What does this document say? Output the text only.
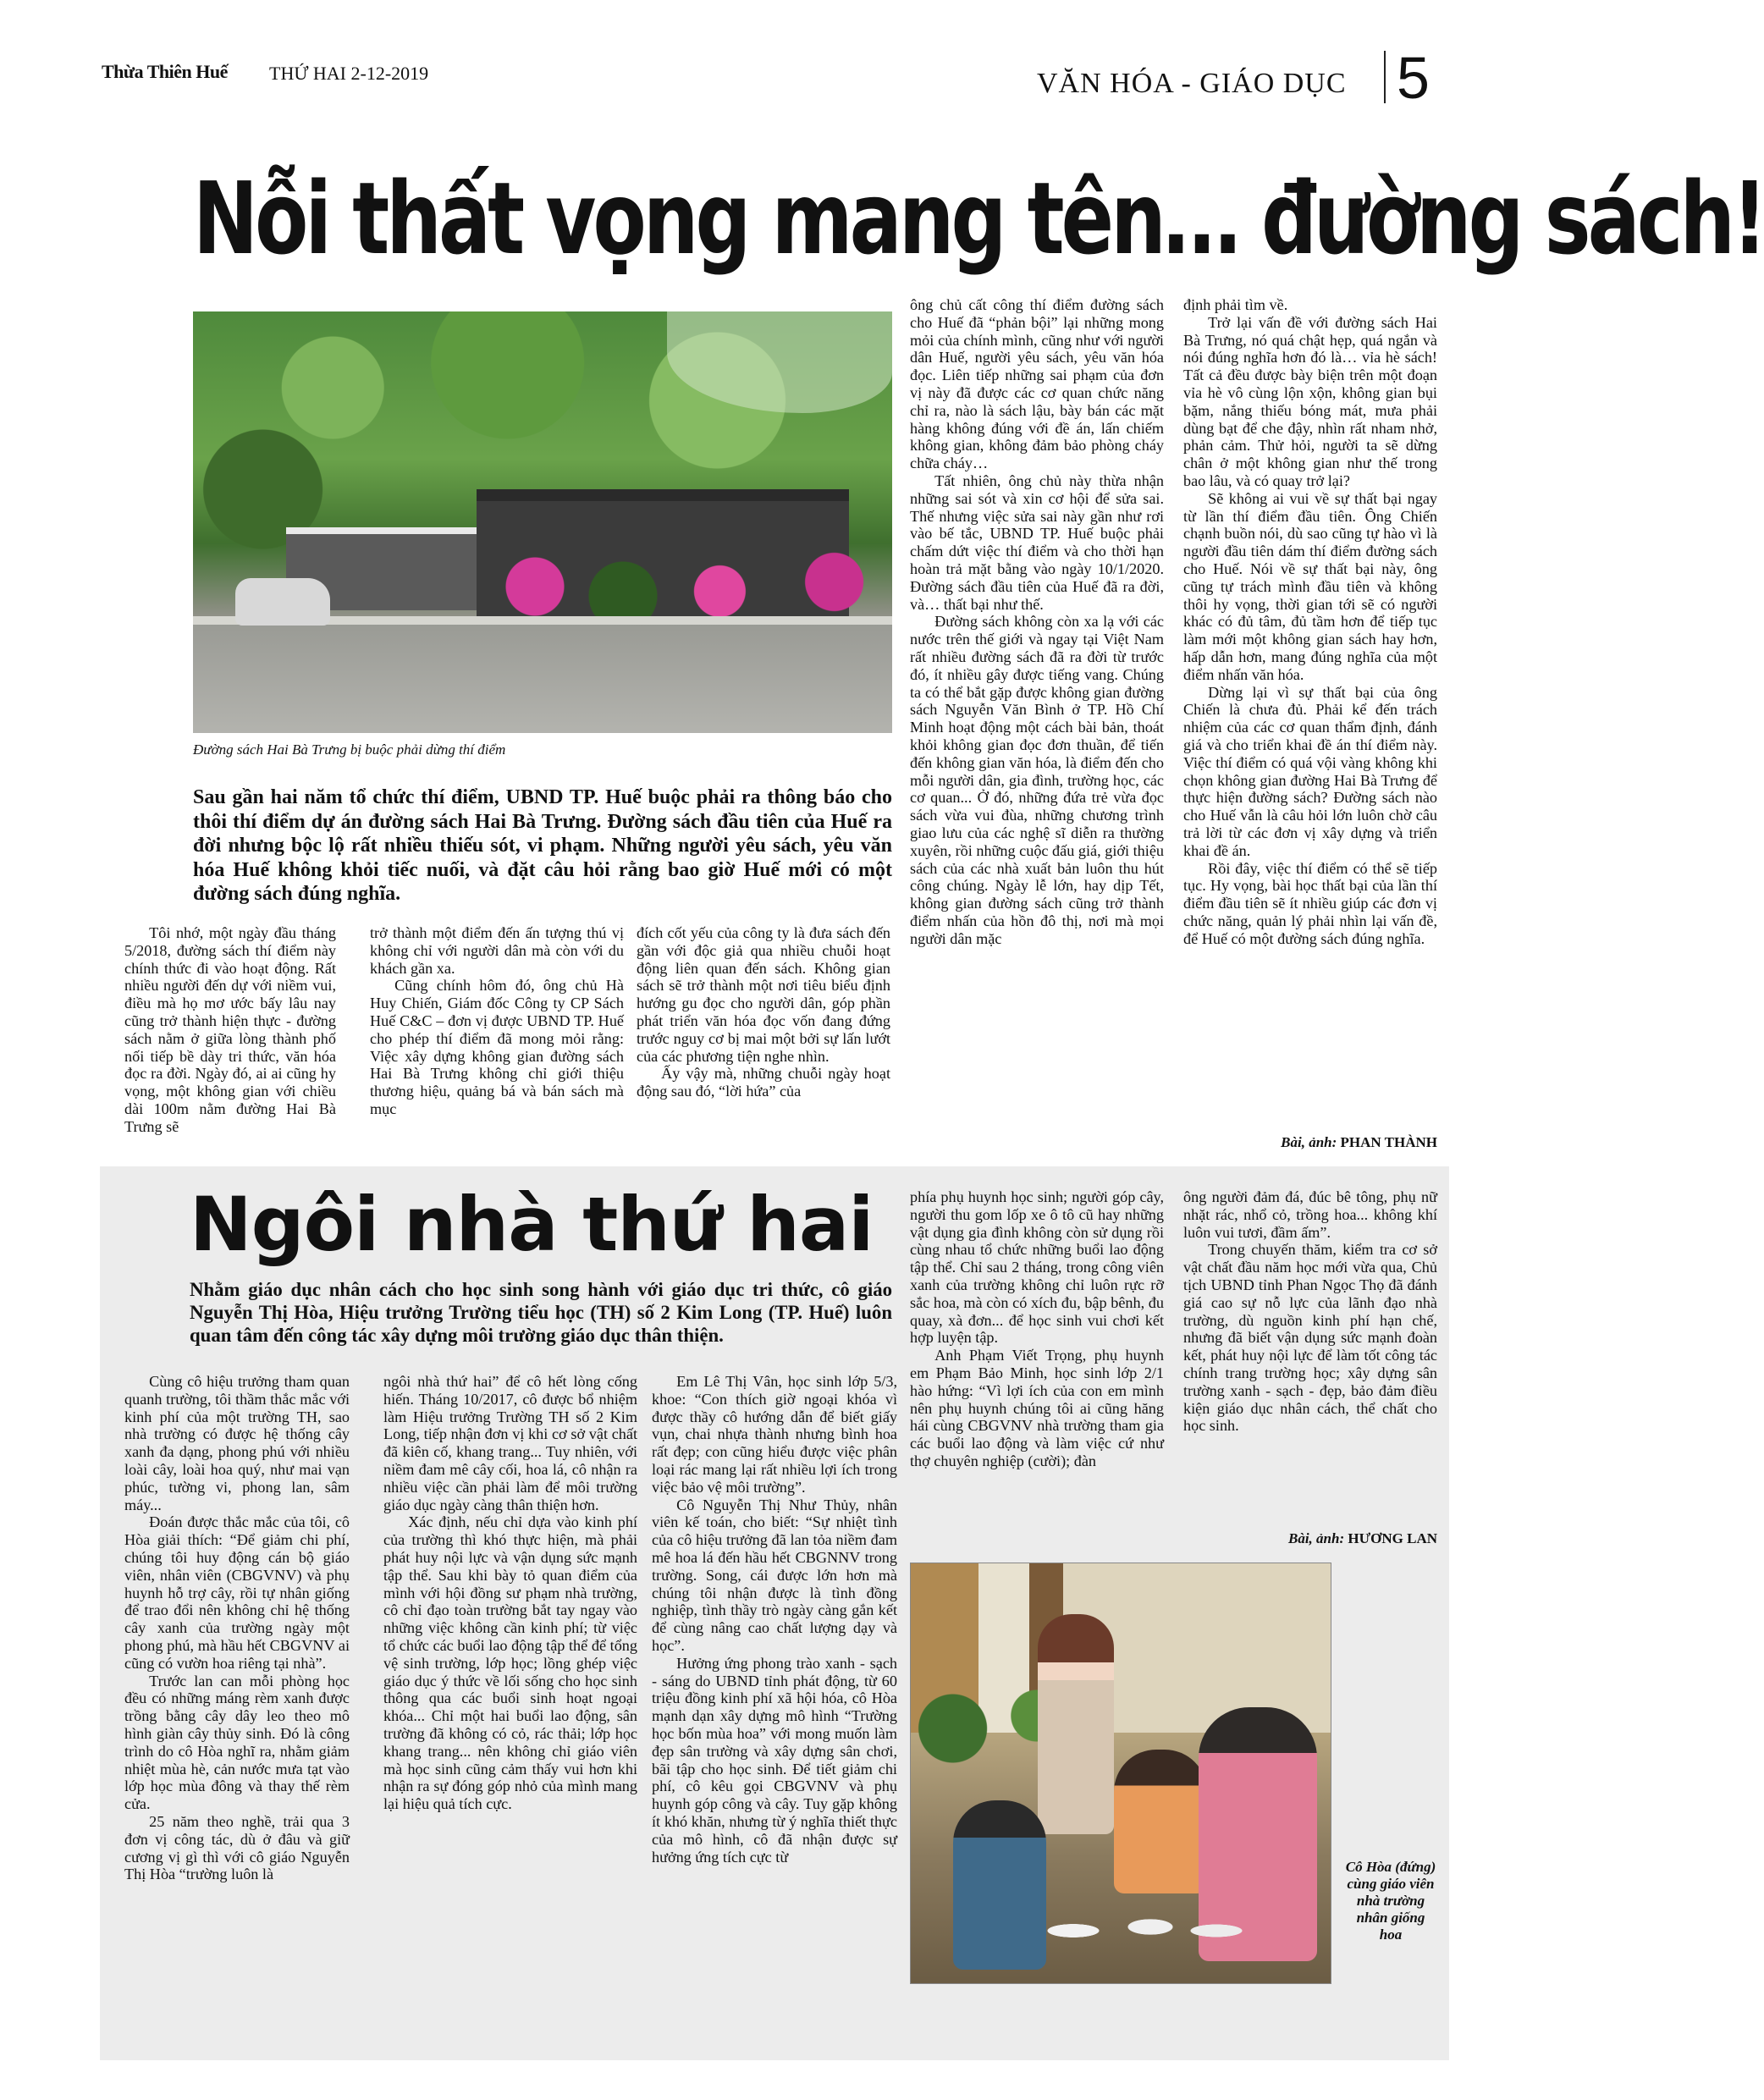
Thừa Thiên Huế THỨ HAI 2-12-2019	VĂN HÓA - GIÁO DỤC 5
Nỗi thất vọng mang tên… đường sách!
Đường sách Hai Bà Trưng bị buộc phải dừng thí điểm
Sau gần hai năm tổ chức thí điểm, UBND TP. Huế buộc phải ra thông báo cho thôi thí điểm dự án đường sách Hai Bà Trưng. Đường sách đầu tiên của Huế ra đời nhưng bộc lộ rất nhiều thiếu sót, vi phạm. Những người yêu sách, yêu văn hóa Huế không khỏi tiếc nuối, và đặt câu hỏi rằng bao giờ Huế mới có một đường sách đúng nghĩa.

Tôi nhớ, một ngày đầu tháng 5/2018, đường sách thí điểm này chính thức đi vào hoạt động. Rất nhiều người đến dự với niềm vui, điều mà họ mơ ước bấy lâu nay cũng trở thành hiện thực - đường sách nằm ở giữa lòng thành phố nối tiếp bề dày tri thức, văn hóa đọc ra đời. Ngày đó, ai ai cũng hy vọng, một không gian với chiều dài 100m nằm đường Hai Bà Trưng sẽ

trở thành một điểm đến ấn tượng thú vị không chỉ với người dân mà còn với du khách gần xa.

Cũng chính hôm đó, ông chủ Hà Huy Chiến, Giám đốc Công ty CP Sách Huế C&C – đơn vị được UBND TP. Huế cho phép thí điểm đã mong mỏi rằng: Việc xây dựng không gian đường sách Hai Bà Trưng không chỉ giới thiệu thương hiệu, quảng bá và bán sách mà mục

đích cốt yếu của công ty là đưa sách đến gần với độc giả qua nhiều chuỗi hoạt động liên quan đến sách. Không gian sách sẽ trở thành một nơi tiêu biểu định hướng gu đọc cho người dân, góp phần phát triển văn hóa đọc vốn đang đứng trước nguy cơ bị mai một bởi sự lấn lướt của các phương tiện nghe nhìn.

Ấy vậy mà, những chuỗi ngày hoạt động sau đó, “lời hứa” của

ông chủ cất công thí điểm đường sách cho Huế đã “phản bội” lại những mong mỏi của chính mình, cũng như với người dân Huế, người yêu sách, yêu văn hóa đọc. Liên tiếp những sai phạm của đơn vị này đã được các cơ quan chức năng chỉ ra, nào là sách lậu, bày bán các mặt hàng không đúng với đề án, lấn chiếm không gian, không đảm bảo phòng cháy chữa cháy…

Tất nhiên, ông chủ này thừa nhận những sai sót và xin cơ hội để sửa sai. Thế nhưng việc sửa sai này gần như rơi vào bế tắc, UBND TP. Huế buộc phải chấm dứt việc thí điểm và cho thời hạn hoàn trả mặt bằng vào ngày 10/1/2020. Đường sách đầu tiên của Huế đã ra đời, và… thất bại như thế.

Đường sách không còn xa lạ với các nước trên thế giới và ngay tại Việt Nam rất nhiều đường sách đã ra đời từ trước đó, ít nhiều gây được tiếng vang. Chúng ta có thể bắt gặp được không gian đường sách Nguyễn Văn Bình ở TP. Hồ Chí Minh hoạt động một cách bài bản, thoát khỏi không gian đọc đơn thuần, để tiến đến không gian văn hóa, là điểm đến cho mỗi người dân, gia đình, trường học, các cơ quan... Ở đó, những đứa trẻ vừa đọc sách vừa vui đùa, những chương trình giao lưu của các nghệ sĩ diễn ra thường xuyên, rồi những cuộc đấu giá, giới thiệu sách của các nhà xuất bản luôn thu hút công chúng. Ngày lễ lớn, hay dịp Tết, không gian đường sách cũng trở thành điểm nhấn của hồn đô thị, nơi mà mọi người dân mặc

định phải tìm về.

Trở lại vấn đề với đường sách Hai Bà Trưng, nó quá chật hẹp, quá ngắn và nói đúng nghĩa hơn đó là… vỉa hè sách! Tất cả đều được bày biện trên một đoạn vỉa hè vô cùng lộn xộn, không gian bụi bặm, nắng thiếu bóng mát, mưa phải dùng bạt để che đậy, nhìn rất nham nhở, phản cảm. Thử hỏi, người ta sẽ dừng chân ở một không gian như thế trong bao lâu, và có quay trở lại?

Sẽ không ai vui về sự thất bại ngay từ lần thí điểm đầu tiên. Ông Chiến chạnh buồn nói, dù sao cũng tự hào vì là người đầu tiên dám thí điểm đường sách cho Huế. Nói về sự thất bại này, ông cũng tự trách mình đầu tiên và không thôi hy vọng, thời gian tới sẽ có người khác có đủ tâm, đủ tầm hơn để tiếp tục làm mới một không gian sách hay hơn, hấp dẫn hơn, mang đúng nghĩa của một điểm nhấn văn hóa.

Dừng lại vì sự thất bại của ông Chiến là chưa đủ. Phải kể đến trách nhiệm của các cơ quan thẩm định, đánh giá và cho triển khai đề án thí điểm này. Việc thí điểm có quá vội vàng không khi chọn không gian đường Hai Bà Trưng để thực hiện đường sách? Đường sách nào cho Huế vẫn là câu hỏi lớn luôn chờ câu trả lời từ các đơn vị xây dựng và triển khai đề án.

Rồi đây, việc thí điểm có thể sẽ tiếp tục. Hy vọng, bài học thất bại của lần thí điểm đầu tiên sẽ ít nhiều giúp các đơn vị chức năng, quản lý phải nhìn lại vấn đề, để Huế có một đường sách đúng nghĩa.

Bài, ảnh: PHAN THÀNH
Ngôi nhà thứ hai
Nhằm giáo dục nhân cách cho học sinh song hành với giáo dục tri thức, cô giáo Nguyễn Thị Hòa, Hiệu trưởng Trường tiểu học (TH) số 2 Kim Long (TP. Huế) luôn quan tâm đến công tác xây dựng môi trường giáo dục thân thiện.

Cùng cô hiệu trưởng tham quan quanh trường, tôi thầm thắc mắc với kinh phí của một trường TH, sao nhà trường có được hệ thống cây xanh đa dạng, phong phú với nhiều loài cây, loài hoa quý, như mai vạn phúc, tường vi, phong lan, sâm máy...

Đoán được thắc mắc của tôi, cô Hòa giải thích: “Để giảm chi phí, chúng tôi huy động cán bộ giáo viên, nhân viên (CBGVNV) và phụ huynh hỗ trợ cây, rồi tự nhân giống để trao đổi nên không chỉ hệ thống cây xanh của trường ngày một phong phú, mà hầu hết CBGVNV ai cũng có vườn hoa riêng tại nhà”.

Trước lan can mỗi phòng học đều có những máng rèm xanh được trồng bằng cây dây leo theo mô hình giàn cây thủy sinh. Đó là công trình do cô Hòa nghĩ ra, nhằm giảm nhiệt mùa hè, cản nước mưa tạt vào lớp học mùa đông và thay thế rèm cửa.

25 năm theo nghề, trải qua 3 đơn vị công tác, dù ở đâu và giữ cương vị gì thì với cô giáo Nguyễn Thị Hòa “trường luôn là

ngôi nhà thứ hai” để cô hết lòng cống hiến. Tháng 10/2017, cô được bổ nhiệm làm Hiệu trưởng Trường TH số 2 Kim Long, tiếp nhận đơn vị khi cơ sở vật chất đã kiên cố, khang trang... Tuy nhiên, với niềm đam mê cây cối, hoa lá, cô nhận ra nhiều việc cần phải làm để môi trường giáo dục ngày càng thân thiện hơn.

Xác định, nếu chỉ dựa vào kinh phí của trường thì khó thực hiện, mà phải phát huy nội lực và vận dụng sức mạnh tập thể. Sau khi bày tỏ quan điểm của mình với hội đồng sư phạm nhà trường, cô chỉ đạo toàn trường bắt tay ngay vào những việc không cần kinh phí; từ việc tổ chức các buổi lao động tập thể để tổng vệ sinh trường, lớp học; lồng ghép việc giáo dục ý thức về lối sống cho học sinh thông qua các buổi sinh hoạt ngoại khóa... Chỉ một hai buổi lao động, sân trường đã không có cỏ, rác thải; lớp học khang trang... nên không chỉ giáo viên mà học sinh cũng cảm thấy vui hơn khi nhận ra sự đóng góp nhỏ của mình mang lại hiệu quả tích cực.

Em Lê Thị Vân, học sinh lớp 5/3, khoe: “Con thích giờ ngoại khóa vì được thầy cô hướng dẫn để biết giấy vụn, chai nhựa thành nhưng bình hoa rất đẹp; con cũng hiểu được việc phân loại rác mang lại rất nhiều lợi ích trong việc bảo vệ môi trường”.

Cô Nguyễn Thị Như Thủy, nhân viên kế toán, cho biết: “Sự nhiệt tình của cô hiệu trưởng đã lan tỏa niềm đam mê hoa lá đến hầu hết CBGNNV trong trường. Song, cái được lớn hơn mà chúng tôi nhận được là tình đồng nghiệp, tình thầy trò ngày càng gắn kết để cùng nâng cao chất lượng dạy và học”.

Hưởng ứng phong trào xanh - sạch - sáng do UBND tỉnh phát động, từ 60 triệu đồng kinh phí xã hội hóa, cô Hòa mạnh dạn xây dựng mô hình “Trường học bốn mùa hoa” với mong muốn làm đẹp sân trường và xây dựng sân chơi, bãi tập cho học sinh. Để tiết giảm chi phí, cô kêu gọi CBGVNV và phụ huynh góp công và cây. Tuy gặp không ít khó khăn, nhưng từ ý nghĩa thiết thực của mô hình, cô đã nhận được sự hưởng ứng tích cực từ

phía phụ huynh học sinh; người góp cây, người thu gom lốp xe ô tô cũ hay những vật dụng gia đình không còn sử dụng rồi cùng nhau tổ chức những buổi lao động tập thể. Chỉ sau 2 tháng, trong công viên xanh của trường không chỉ luôn rực rỡ sắc hoa, mà còn có xích đu, bập bênh, đu quay, xà đơn... để học sinh vui chơi kết hợp luyện tập.

Anh Phạm Viết Trọng, phụ huynh em Phạm Bảo Minh, học sinh lớp 2/1 hào hứng: “Vì lợi ích của con em mình nên phụ huynh chúng tôi ai cũng hăng hái cùng CBGVNV nhà trường tham gia các buổi lao động và làm việc cứ như thợ chuyên nghiệp (cười); đàn

ông người đảm đá, đúc bê tông, phụ nữ nhặt rác, nhổ cỏ, trồng hoa... không khí luôn vui tươi, đầm ấm”.

Trong chuyến thăm, kiểm tra cơ sở vật chất đầu năm học mới vừa qua, Chủ tịch UBND tỉnh Phan Ngọc Thọ đã đánh giá cao sự nỗ lực của lãnh đạo nhà trường, dù nguồn kinh phí hạn chế, nhưng đã biết vận dụng sức mạnh đoàn kết, phát huy nội lực để làm tốt công tác chính trang trường học; xây dựng sân trường xanh - sạch - đẹp, bảo đảm điều kiện giáo dục nhân cách, thể chất cho học sinh.

Bài, ảnh: HƯƠNG LAN
Cô Hòa (đứng) cùng giáo viên nhà trường nhân giống hoa
